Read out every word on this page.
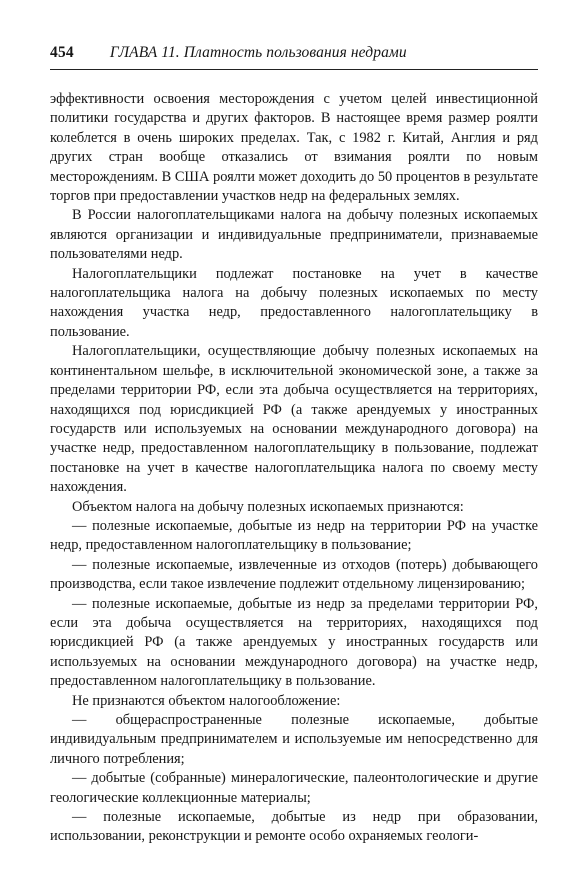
454 ГЛАВА 11. Платность пользования недрами

эффективности освоения месторождения с учетом целей инвестиционной политики государства и других факторов. В настоящее время размер роялти колеблется в очень широких пределах. Так, с 1982 г. Китай, Англия и ряд других стран вообще отказались от взимания роялти по новым месторождениям. В США роялти может доходить до 50 процентов в результате торгов при предоставлении участков недр на федеральных землях.

В России налогоплательщиками налога на добычу полезных ископаемых являются организации и индивидуальные предприниматели, признаваемые пользователями недр.

Налогоплательщики подлежат постановке на учет в качестве налогоплательщика налога на добычу полезных ископаемых по месту нахождения участка недр, предоставленного налогоплательщику в пользование.

Налогоплательщики, осуществляющие добычу полезных ископаемых на континентальном шельфе, в исключительной экономической зоне, а также за пределами территории РФ, если эта добыча осуществляется на территориях, находящихся под юрисдикцией РФ (а также арендуемых у иностранных государств или используемых на основании международного договора) на участке недр, предоставленном налогоплательщику в пользование, подлежат постановке на учет в качестве налогоплательщика налога по своему месту нахождения.

Объектом налога на добычу полезных ископаемых признаются:

— полезные ископаемые, добытые из недр на территории РФ на участке недр, предоставленном налогоплательщику в пользование;

— полезные ископаемые, извлеченные из отходов (потерь) добывающего производства, если такое извлечение подлежит отдельному лицензированию;

— полезные ископаемые, добытые из недр за пределами территории РФ, если эта добыча осуществляется на территориях, находящихся под юрисдикцией РФ (а также арендуемых у иностранных государств или используемых на основании международного договора) на участке недр, предоставленном налогоплательщику в пользование.

Не признаются объектом налогообложение:

— общераспространенные полезные ископаемые, добытые индивидуальным предпринимателем и используемые им непосредственно для личного потребления;

— добытые (собранные) минералогические, палеонтологические и другие геологические коллекционные материалы;

— полезные ископаемые, добытые из недр при образовании, использовании, реконструкции и ремонте особо охраняемых геологи-
